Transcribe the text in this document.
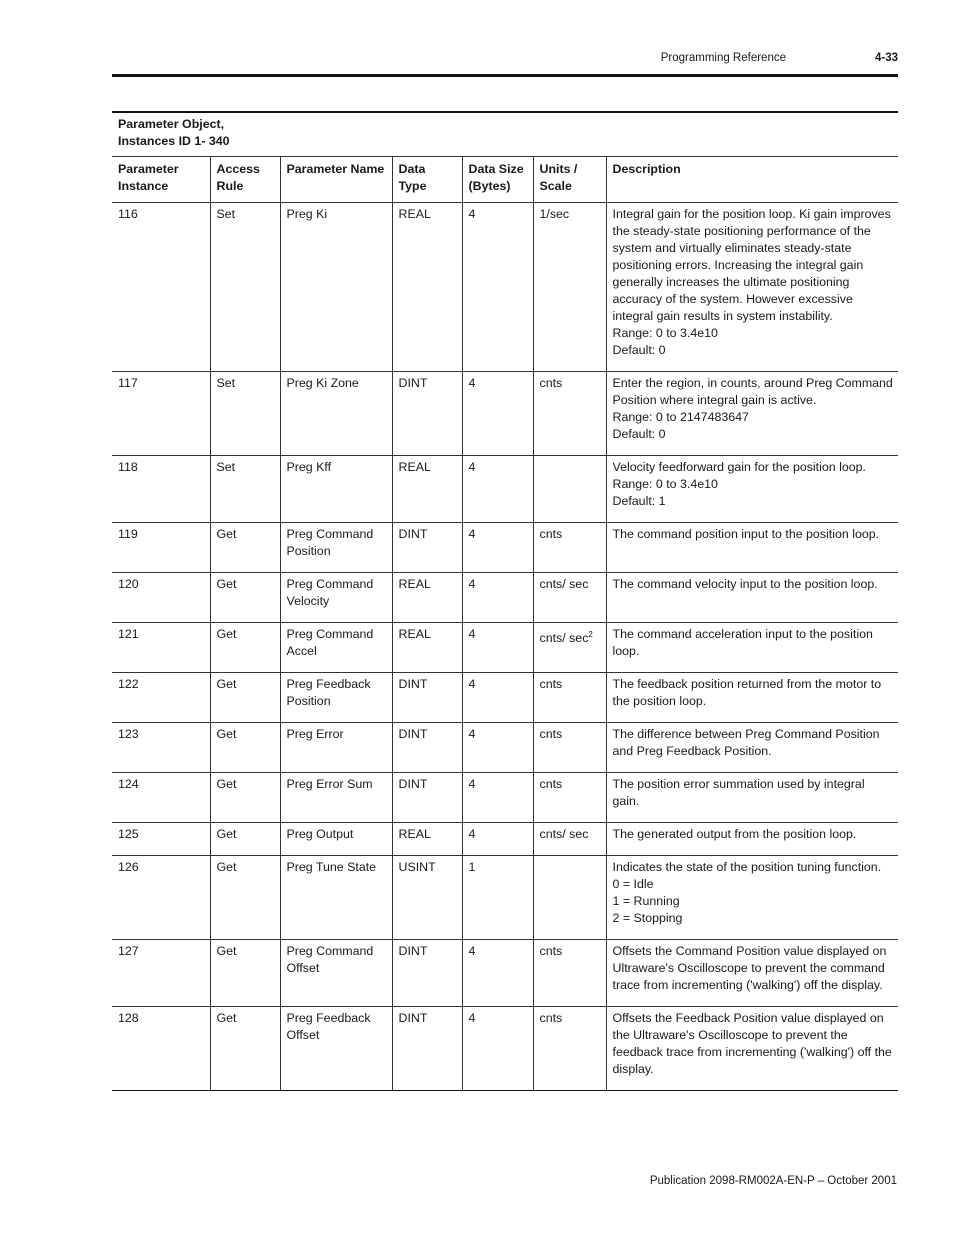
Programming Reference	4-33
Parameter Object,
Instances ID 1- 340						

Parameter Instance	Access Rule	Parameter Name	Data Type	Data Size (Bytes)	Units / Scale	Description
116	Set	Preg Ki	REAL	4	1/sec	Integral gain for the position loop. Ki gain improves the steady-state positioning performance of the system and virtually eliminates steady-state positioning errors. Increasing the integral gain generally increases the ultimate positioning accuracy of the system. However excessive integral gain results in system instability.
Range: 0 to 3.4e10
Default: 0

117	Set	Preg Ki Zone	DINT	4	cnts	Enter the region, in counts, around Preg Command Position where integral gain is active.
Range: 0 to 2147483647
Default: 0

118	Set	Preg Kff	REAL	4		Velocity feedforward gain for the position loop.
Range: 0 to 3.4e10
Default: 1

119	Get	Preg Command Position	DINT	4	cnts	The command position input to the position loop.

120	Get	Preg Command Velocity	REAL	4	cnts/ sec	The command velocity input to the position loop.

121	Get	Preg Command Accel	REAL	4	cnts/ $\sec^2$	The command acceleration input to the position loop.

122	Get	Preg Feedback Position	DINT	4	cnts	The feedback position returned from the motor to the position loop.

123	Get	Preg Error	DINT	4	cnts	The difference between Preg Command Position and Preg Feedback Position.

124	Get	Preg Error Sum	DINT	4	cnts	The position error summation used by integral gain.

125	Get	Preg Output	REAL	4	cnts/ sec	The generated output from the position loop.

126	Get	Preg Tune State	USINT	1		Indicates the state of the position tuning function.
0 = Idle
1 = Running
2 = Stopping

127	Get	Preg Command Offset	DINT	4	cnts	Offsets the Command Position value displayed on Ultraware's Oscilloscope to prevent the command trace from incrementing ('walking') off the display.

128	Get	Preg Feedback Offset	DINT	4	cnts	Offsets the Feedback Position value displayed on the Ultraware's Oscilloscope to prevent the feedback trace from incrementing ('walking') off the display.
Publication 2098-RM002A-EN-P – October 2001
